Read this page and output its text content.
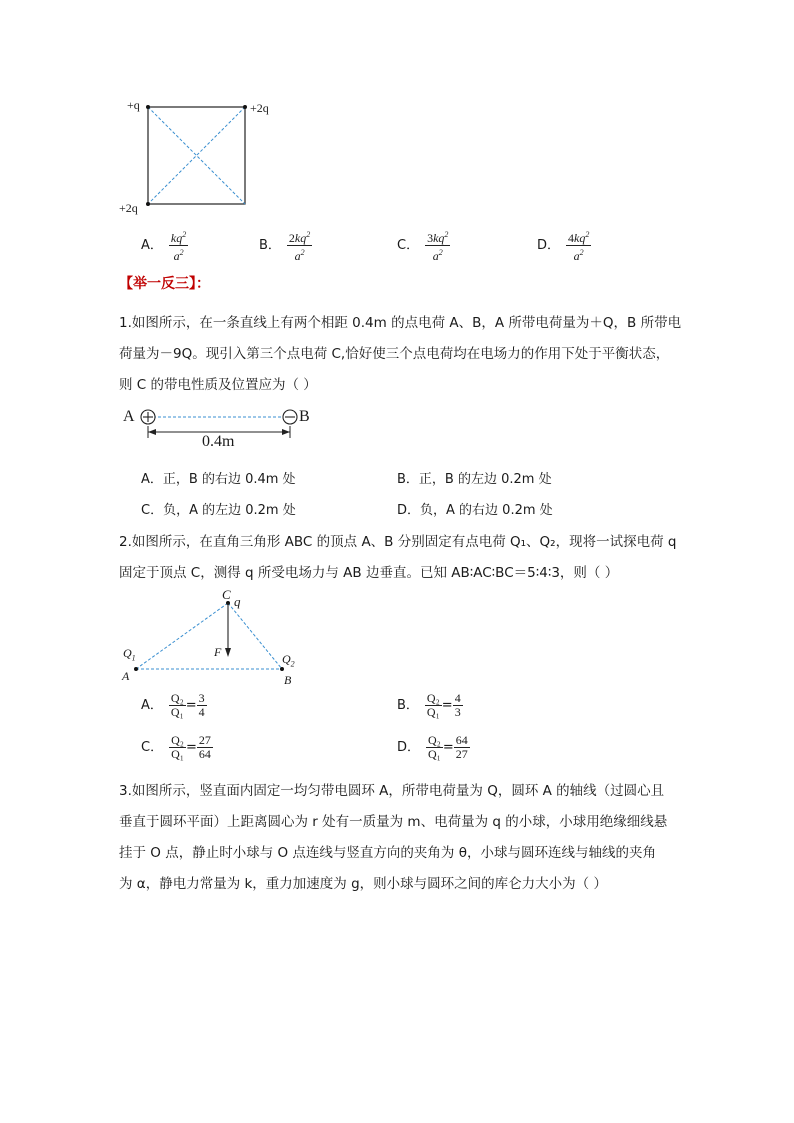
+q	+2q
+2q
A． $\frac{kq^2}{a^2}$	B． $\frac{2kq^2}{a^2}$	C． $\frac{3kq^2}{a^2}$	D． $\frac{4kq^2}{a^2}$
【举一反三】：
1.如图所示，在一条直线上有两个相距 0.4m 的点电荷 A、B，A 所带电荷量为＋Q，B 所带电
荷量为－9Q。现引入第三个点电荷 C,恰好使三个点电荷均在电场力的作用下处于平衡状态，
则 C 的带电性质及位置应为（ ）
A	B
0.4m
A．正，B 的右边 0.4m 处	B．正，B 的左边 0.2m 处
C．负，A 的左边 0.2m 处	D．负，A 的右边 0.2m 处
2.如图所示，在直角三角形 ABC 的顶点 A、B 分别固定有点电荷 Q₁、Q₂，现将一试探电荷 q
固定于顶点 C，测得 q 所受电场力与 AB 边垂直。已知 AB∶AC∶BC＝5∶4∶3，则（ ）
C q
F
$Q_1$
A
$Q_2$
B
A． $\frac{\text{Q₂}}{\text{Q₁}} = \frac{3}{4}$	B． $\frac{\text{Q₂}}{\text{Q₁}} = \frac{4}{3}$
C． $\frac{\text{Q₂}}{\text{Q₁}} = \frac{27}{64}$	D． $\frac{\text{Q₂}}{\text{Q₁}} = \frac{64}{27}$
3.如图所示，竖直面内固定一均匀带电圆环 A，所带电荷量为 Q，圆环 A 的轴线（过圆心且
垂直于圆环平面）上距离圆心为 r 处有一质量为 m、电荷量为 q 的小球，小球用绝缘细线悬
挂于 O 点，静止时小球与 O 点连线与竖直方向的夹角为 θ，小球与圆环连线与轴线的夹角
为 α，静电力常量为 k，重力加速度为 g，则小球与圆环之间的库仑力大小为（ ）
